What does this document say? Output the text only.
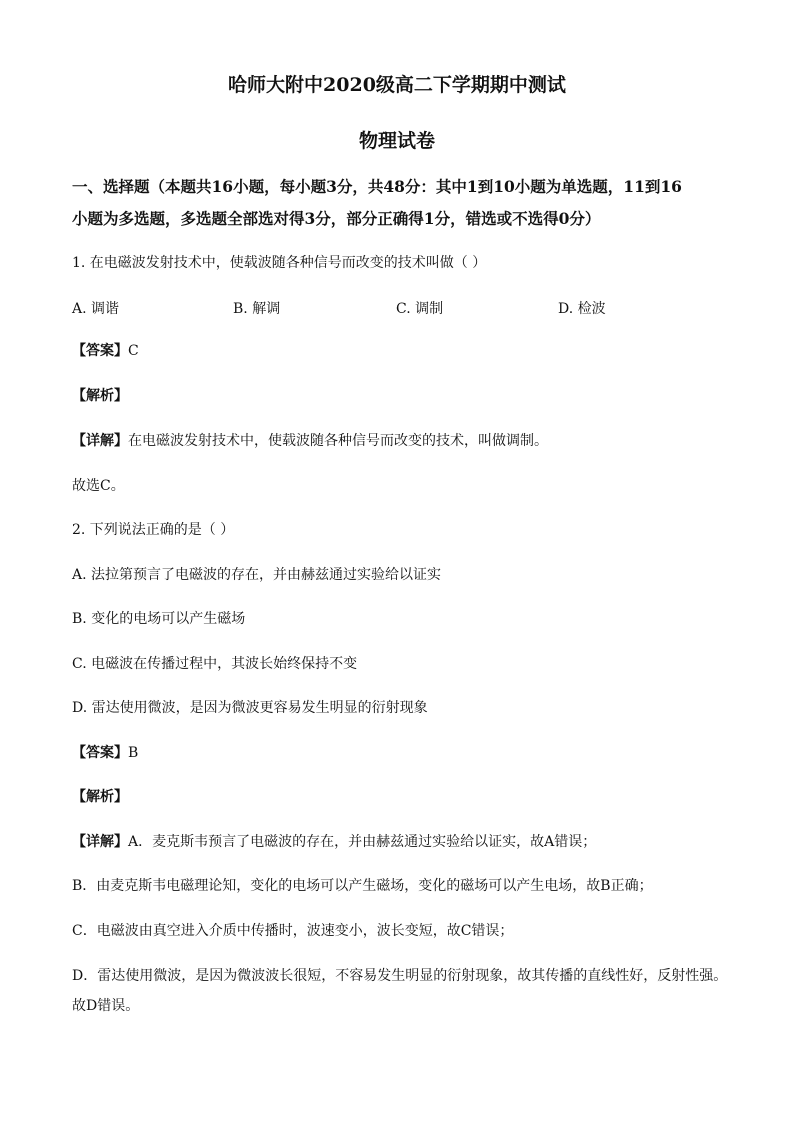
哈师大附中2020级高二下学期期中测试
物理试卷
一、选择题（本题共16小题，每小题3分，共48分：其中1到10小题为单选题，11到16
小题为多选题，多选题全部选对得3分，部分正确得1分，错选或不选得0分）
1. 在电磁波发射技术中，使载波随各种信号而改变的技术叫做（ ）
A. 调谐	B. 解调	C. 调制	D. 检波
【答案】C
【解析】
【详解】在电磁波发射技术中，使载波随各种信号而改变的技术，叫做调制。
故选C。
2. 下列说法正确的是（ ）
A. 法拉第预言了电磁波的存在，并由赫兹通过实验给以证实
B. 变化的电场可以产生磁场
C. 电磁波在传播过程中，其波长始终保持不变
D. 雷达使用微波，是因为微波更容易发生明显的衍射现象
【答案】B
【解析】
【详解】A．麦克斯韦预言了电磁波的存在，并由赫兹通过实验给以证实，故A错误；
B．由麦克斯韦电磁理论知，变化的电场可以产生磁场，变化的磁场可以产生电场，故B正确；
C．电磁波由真空进入介质中传播时，波速变小，波长变短，故C错误；
D．雷达使用微波，是因为微波波长很短，不容易发生明显的衍射现象，故其传播的直线性好，反射性强。
故D错误。
